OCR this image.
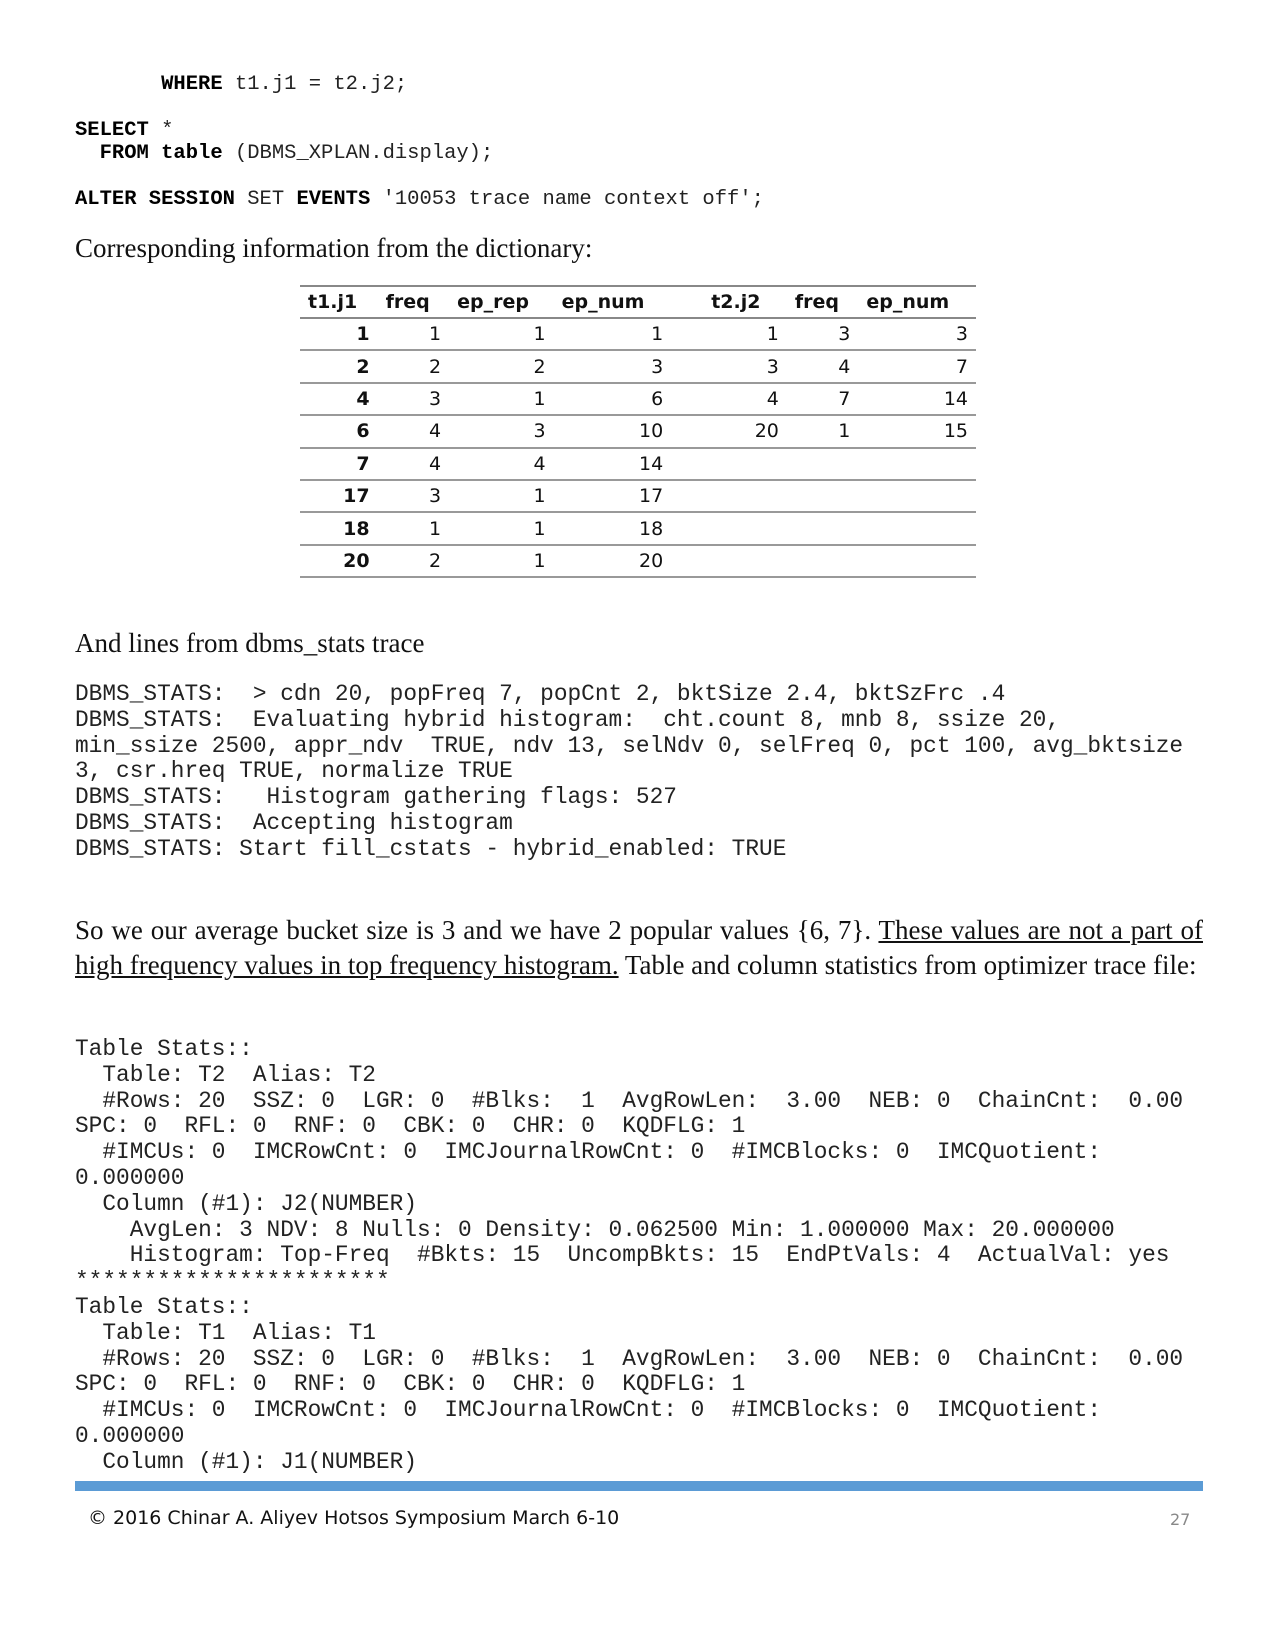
WHERE t1.j1 = t2.j2;
SELECT *
FROM table (DBMS_XPLAN.display);
ALTER SESSION SET EVENTS '10053 trace name context off';
Corresponding information from the dictionary:
t1.j1	freq	ep_rep	ep_num	t2.j2	freq	ep_num
1	1	1	1	1	3	3
2	2	2	3	3	4	7
4	3	1	6	4	7	14
6	4	3	10	20	1	15
7	4	4	14			
17	3	1	17			
18	1	1	18			
20	2	1	20			
And lines from dbms_stats trace
DBMS_STATS:  > cdn 20, popFreq 7, popCnt 2, bktSize 2.4, bktSzFrc .4
DBMS_STATS:  Evaluating hybrid histogram:  cht.count 8, mnb 8, ssize 20,
min_ssize 2500, appr_ndv  TRUE, ndv 13, selNdv 0, selFreq 0, pct 100, avg_bktsize
3, csr.hreq TRUE, normalize TRUE
DBMS_STATS:   Histogram gathering flags: 527
DBMS_STATS:  Accepting histogram
DBMS_STATS: Start fill_cstats - hybrid_enabled: TRUE
So we our average bucket size is 3 and we have 2 popular values {6, 7}. These values are not a part of high frequency values in top frequency histogram. Table and column statistics from optimizer trace file:
Table Stats::
Table: T2  Alias: T2
#Rows: 20  SSZ: 0  LGR: 0  #Blks:  1  AvgRowLen:  3.00  NEB: 0  ChainCnt:  0.00
SPC: 0  RFL: 0  RNF: 0  CBK: 0  CHR: 0  KQDFLG: 1
#IMCUs: 0  IMCRowCnt: 0  IMCJournalRowCnt: 0  #IMCBlocks: 0  IMCQuotient:
0.000000
Column (#1): J2(NUMBER)
AvgLen: 3 NDV: 8 Nulls: 0 Density: 0.062500 Min: 1.000000 Max: 20.000000
Histogram: Top-Freq  #Bkts: 15  UncompBkts: 15  EndPtVals: 4  ActualVal: yes
***********************
Table Stats::
Table: T1  Alias: T1
#Rows: 20  SSZ: 0  LGR: 0  #Blks:  1  AvgRowLen:  3.00  NEB: 0  ChainCnt:  0.00
SPC: 0  RFL: 0  RNF: 0  CBK: 0  CHR: 0  KQDFLG: 1
#IMCUs: 0  IMCRowCnt: 0  IMCJournalRowCnt: 0  #IMCBlocks: 0  IMCQuotient:
0.000000
Column (#1): J1(NUMBER)
© 2016 Chinar A. Aliyev Hotsos Symposium March 6-10	27
